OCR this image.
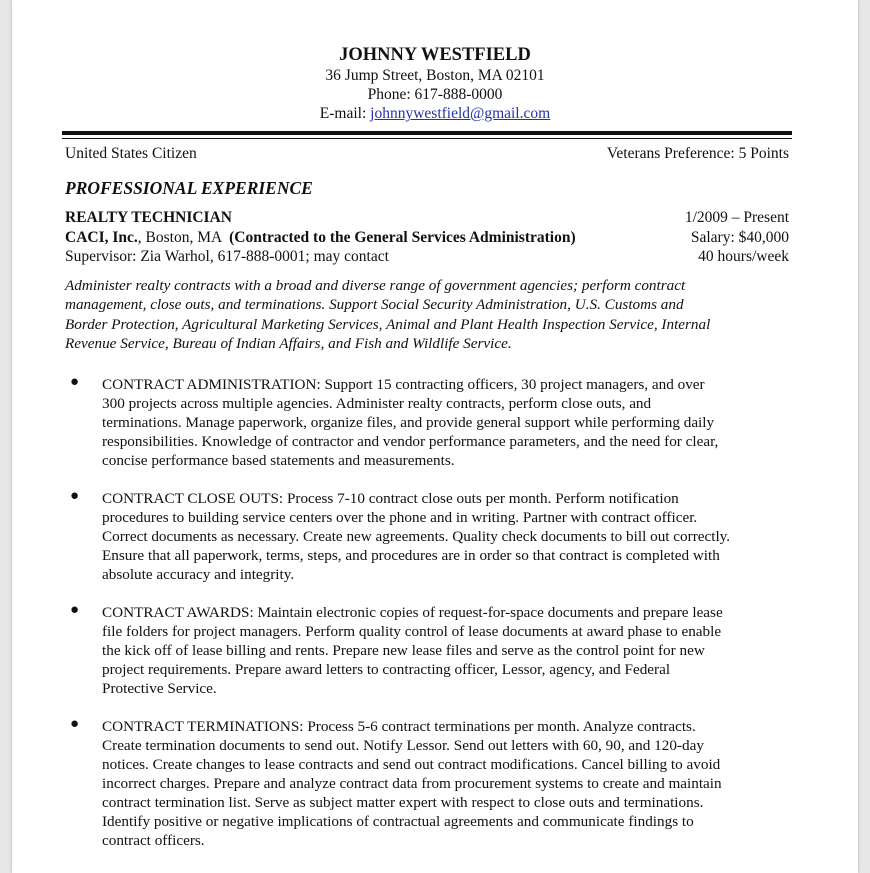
JOHNNY WESTFIELD
36 Jump Street, Boston, MA 02101
Phone: 617-888-0000
E-mail: johnnywestfield@gmail.com
United States Citizen	Veterans Preference: 5 Points
PROFESSIONAL EXPERIENCE
REALTY TECHNICIAN	1/2009 – Present
CACI, Inc., Boston, MA  (Contracted to the General Services Administration)	Salary: $40,000
Supervisor: Zia Warhol, 617-888-0001; may contact	40 hours/week
Administer realty contracts with a broad and diverse range of government agencies; perform contract
management, close outs, and terminations. Support Social Security Administration, U.S. Customs and
Border Protection, Agricultural Marketing Services, Animal and Plant Health Inspection Service, Internal
Revenue Service, Bureau of Indian Affairs, and Fish and Wildlife Service.
● CONTRACT ADMINISTRATION: Support 15 contracting officers, 30 project managers, and over
300 projects across multiple agencies. Administer realty contracts, perform close outs, and
terminations. Manage paperwork, organize files, and provide general support while performing daily
responsibilities. Knowledge of contractor and vendor performance parameters, and the need for clear,
concise performance based statements and measurements.
● CONTRACT CLOSE OUTS: Process 7-10 contract close outs per month. Perform notification
procedures to building service centers over the phone and in writing. Partner with contract officer.
Correct documents as necessary. Create new agreements. Quality check documents to bill out correctly.
Ensure that all paperwork, terms, steps, and procedures are in order so that contract is completed with
absolute accuracy and integrity.
● CONTRACT AWARDS: Maintain electronic copies of request-for-space documents and prepare lease
file folders for project managers. Perform quality control of lease documents at award phase to enable
the kick off of lease billing and rents. Prepare new lease files and serve as the control point for new
project requirements. Prepare award letters to contracting officer, Lessor, agency, and Federal
Protective Service.
● CONTRACT TERMINATIONS: Process 5-6 contract terminations per month. Analyze contracts.
Create termination documents to send out. Notify Lessor. Send out letters with 60, 90, and 120-day
notices. Create changes to lease contracts and send out contract modifications. Cancel billing to avoid
incorrect charges. Prepare and analyze contract data from procurement systems to create and maintain
contract termination list. Serve as subject matter expert with respect to close outs and terminations.
Identify positive or negative implications of contractual agreements and communicate findings to
contract officers.
